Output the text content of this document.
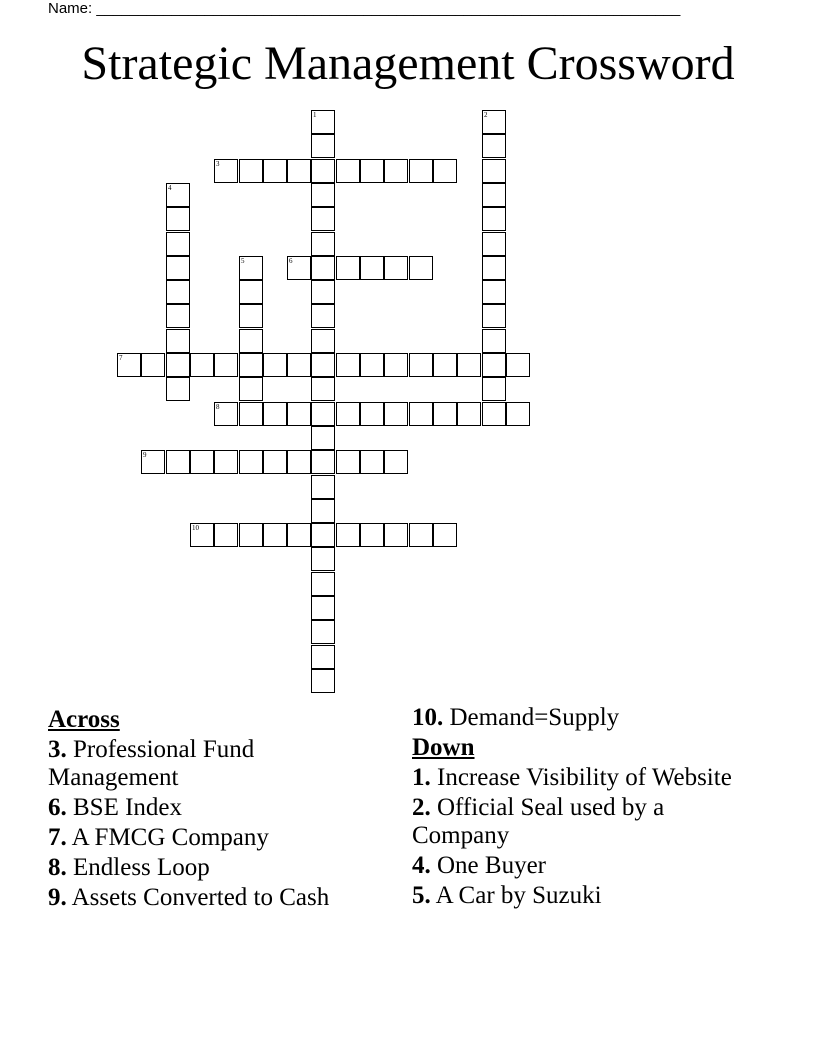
Name: ______________________________________________________________________
Strategic Management Crossword
1	2
3
4
5	6
7
8
9
10
Across
3. Professional Fund Management
6. BSE Index
7. A FMCG Company
8. Endless Loop
9. Assets Converted to Cash
10. Demand=Supply
Down
1. Increase Visibility of Website
2. Official Seal used by a Company
4. One Buyer
5. A Car by Suzuki
